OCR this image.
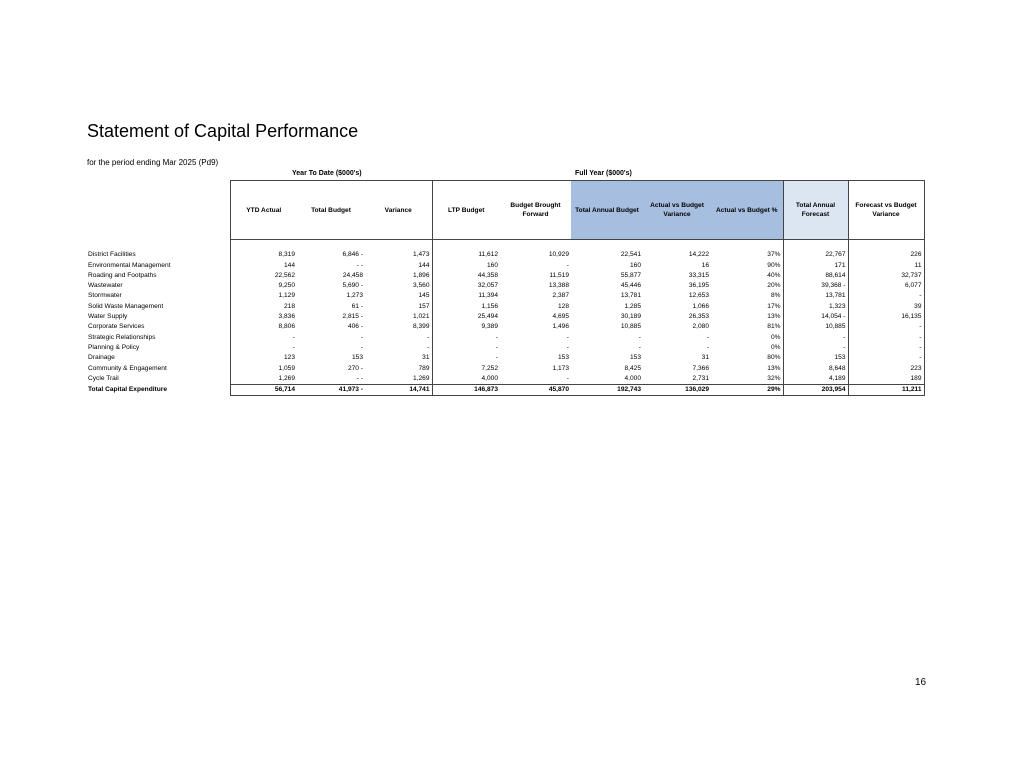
Statement of Capital Performance
for the period ending Mar 2025 (Pd9)
Year To Date ($000's)	Full Year ($000's)
	YTD Actual	Total Budget	Variance	LTP Budget	Budget Brought Forward	Total Annual Budget	Actual vs Budget Variance	Actual vs Budget %	Total Annual Forecast	Forecast vs Budget Variance

District Facilities	8,319	6,846 -	1,473	11,612	10,929	22,541	14,222	37%	22,767	226
Environmental Management	144	- -	144	160	-	160	16	90%	171	11
Roading and Footpaths	22,562	24,458	1,896	44,358	11,519	55,877	33,315	40%	88,614	32,737
Wastewater	9,250	5,690 -	3,560	32,057	13,388	45,446	36,195	20%	39,368 -	6,077
Stormwater	1,129	1,273	145	11,394	2,387	13,781	12,653	8%	13,781	-
Solid Waste Management	218	61 -	157	1,156	128	1,285	1,066	17%	1,323	39
Water Supply	3,836	2,815 -	1,021	25,494	4,695	30,189	26,353	13%	14,054 -	16,135
Corporate Services	8,806	406 -	8,399	9,389	1,496	10,885	2,080	81%	10,885	-
Strategic Relationships	-	-	-	-	-	-	-	0%	-	-
Planning & Policy	-	-	-	-	-	-	-	0%	-	-
Drainage	123	153	31	-	153	153	31	80%	153	-
Community & Engagement	1,059	270 -	789	7,252	1,173	8,425	7,366	13%	8,648	223
Cycle Trail	1,269	- -	1,269	4,000	-	4,000	2,731	32%	4,189	189
Total Capital Expenditure	56,714	41,973 -	14,741	146,873	45,870	192,743	136,029	29%	203,954	11,211
16
